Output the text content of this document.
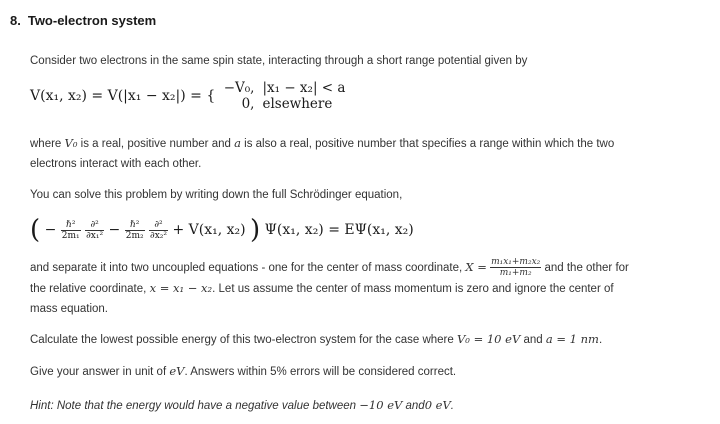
8. Two-electron system
Consider two electrons in the same spin state, interacting through a short range potential given by
V(x₁, x₂) = V(|x₁ − x₂|) = { −V₀,	|x₁ − x₂| < a
0,	elsewhere
where V₀ is a real, positive number and a is also a real, positive number that specifies a range within which the two
electrons interact with each other.
You can solve this problem by writing down the full Schrödinger equation,
( − $\frac{\text{ℏ²}}{\text{2m₁}}$
$\frac{\text{∂²}}{\text{∂x₁²}} - \frac{\text{ℏ²}}{\text{2m₂}}$
$\frac{\text{∂²}}{\text{∂x₂²}} + V(x_1$, x₂) ) Ψ(x₁, x₂) = EΨ(x₁, x₂)
and separate it into two uncoupled equations - one for the center of mass coordinate, $X = \frac{\text{m₁x₁+m₂x₂}}{\text{m₁+m₂}}$ and the other for
the relative coordinate, x = x₁ − x₂. Let us assume the center of mass momentum is zero and ignore the center of
mass equation.
Calculate the lowest possible energy of this two-electron system for the case where V₀ = 10 eV and a = 1 nm.
Give your answer in unit of eV. Answers within 5% errors will be considered correct.
Hint: Note that the energy would have a negative value between −10 eV and0 eV.
